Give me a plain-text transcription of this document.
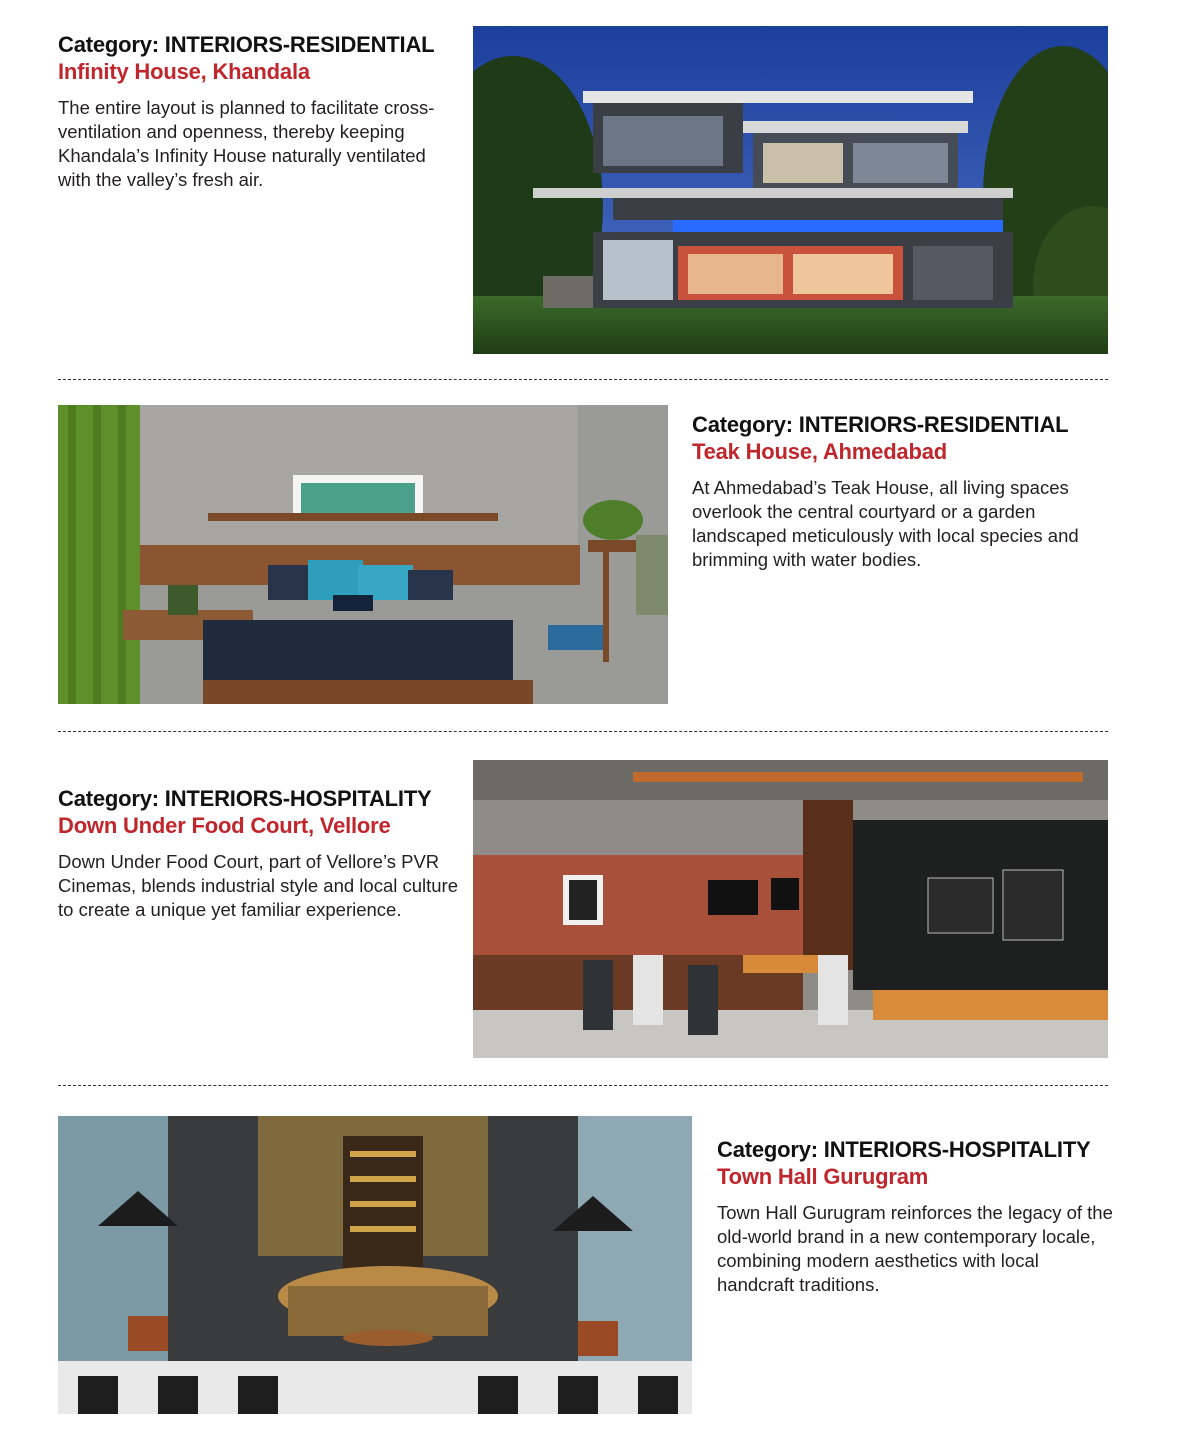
Category: INTERIORS-RESIDENTIAL
Infinity House, Khandala
The entire layout is planned to facilitate cross-ventilation and openness, thereby keeping Khandala’s Infinity House naturally ventilated with the valley’s fresh air.
Category: INTERIORS-RESIDENTIAL
Teak House, Ahmedabad
At Ahmedabad’s Teak House, all living spaces overlook the central courtyard or a garden landscaped meticulously with local species and brimming with water bodies.
Category: INTERIORS-HOSPITALITY
Down Under Food Court, Vellore
Down Under Food Court, part of Vellore’s PVR Cinemas, blends industrial style and local culture to create a unique yet familiar experience.
Category: INTERIORS-HOSPITALITY
Town Hall Gurugram
Town Hall Gurugram reinforces the legacy of the old-world brand in a new contemporary locale, combining modern aesthetics with local handcraft traditions.
